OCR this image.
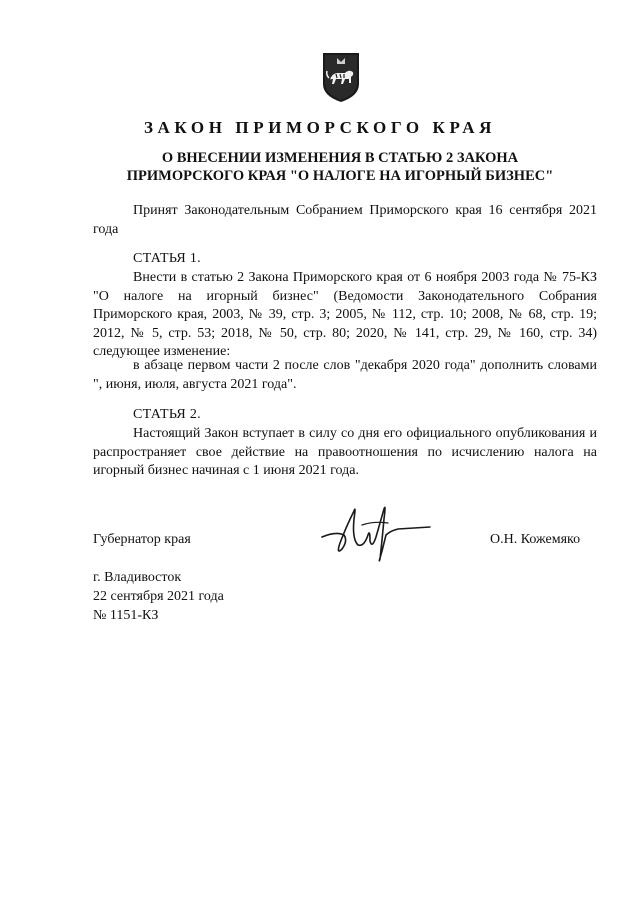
ЗАКОН ПРИМОРСКОГО КРАЯ
О ВНЕСЕНИИ ИЗМЕНЕНИЯ В СТАТЬЮ 2 ЗАКОНА
ПРИМОРСКОГО КРАЯ "О НАЛОГЕ НА ИГОРНЫЙ БИЗНЕС"
Принят Законодательным Собранием Приморского края 16 сентября 2021 года
СТАТЬЯ 1.

Внести в статью 2 Закона Приморского края от 6 ноября 2003 года № 75-КЗ "О налоге на игорный бизнес" (Ведомости Законодательного Собрания Приморского края, 2003, № 39, стр. 3; 2005, № 112, стр. 10; 2008, № 68, стр. 19; 2012, № 5, стр. 53; 2018, № 50, стр. 80; 2020, № 141, стр. 29, № 160, стр. 34) следующее изменение:

в абзаце первом части 2 после слов "декабря 2020 года" дополнить словами ", июня, июля, августа 2021 года".

СТАТЬЯ 2.

Настоящий Закон вступает в силу со дня его официального опубликования и распространяет свое действие на правоотношения по исчислению налога на игорный бизнес начиная с 1 июня 2021 года.

Губернатор края	О.Н. Кожемяко
г. Владивосток
22 сентября 2021 года
№ 1151-КЗ
